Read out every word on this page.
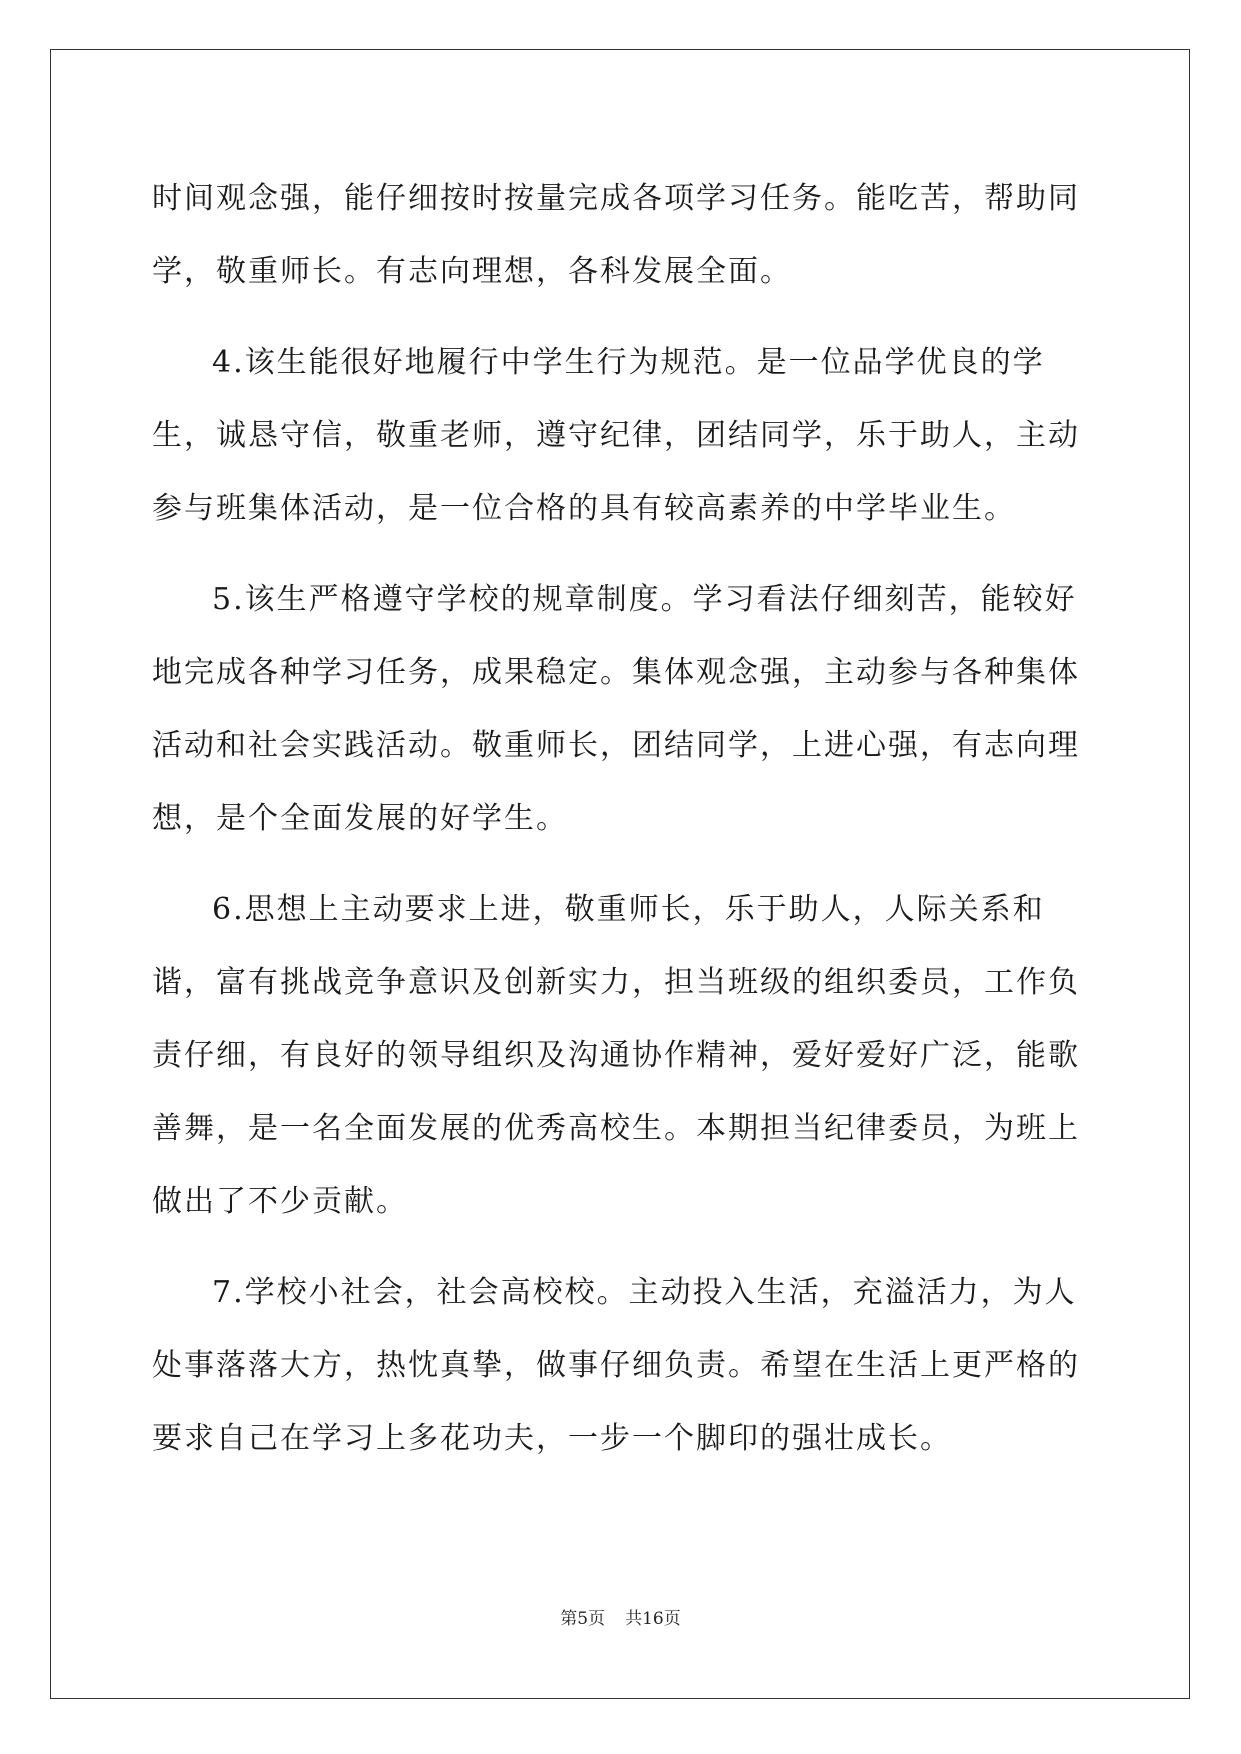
时间观念强，能仔细按时按量完成各项学习任务。能吃苦，帮助同学，敬重师长。有志向理想，各科发展全面。

4.该生能很好地履行中学生行为规范。是一位品学优良的学生，诚恳守信，敬重老师，遵守纪律，团结同学，乐于助人，主动参与班集体活动，是一位合格的具有较高素养的中学毕业生。

5.该生严格遵守学校的规章制度。学习看法仔细刻苦，能较好地完成各种学习任务，成果稳定。集体观念强，主动参与各种集体活动和社会实践活动。敬重师长，团结同学，上进心强，有志向理想，是个全面发展的好学生。

6.思想上主动要求上进，敬重师长，乐于助人，人际关系和谐，富有挑战竞争意识及创新实力，担当班级的组织委员，工作负责仔细，有良好的领导组织及沟通协作精神，爱好爱好广泛，能歌善舞，是一名全面发展的优秀高校生。本期担当纪律委员，为班上做出了不少贡献。

7.学校小社会，社会高校校。主动投入生活，充溢活力，为人处事落落大方，热忱真挚，做事仔细负责。希望在生活上更严格的要求自己在学习上多花功夫，一步一个脚印的强壮成长。

第5页 共16页
